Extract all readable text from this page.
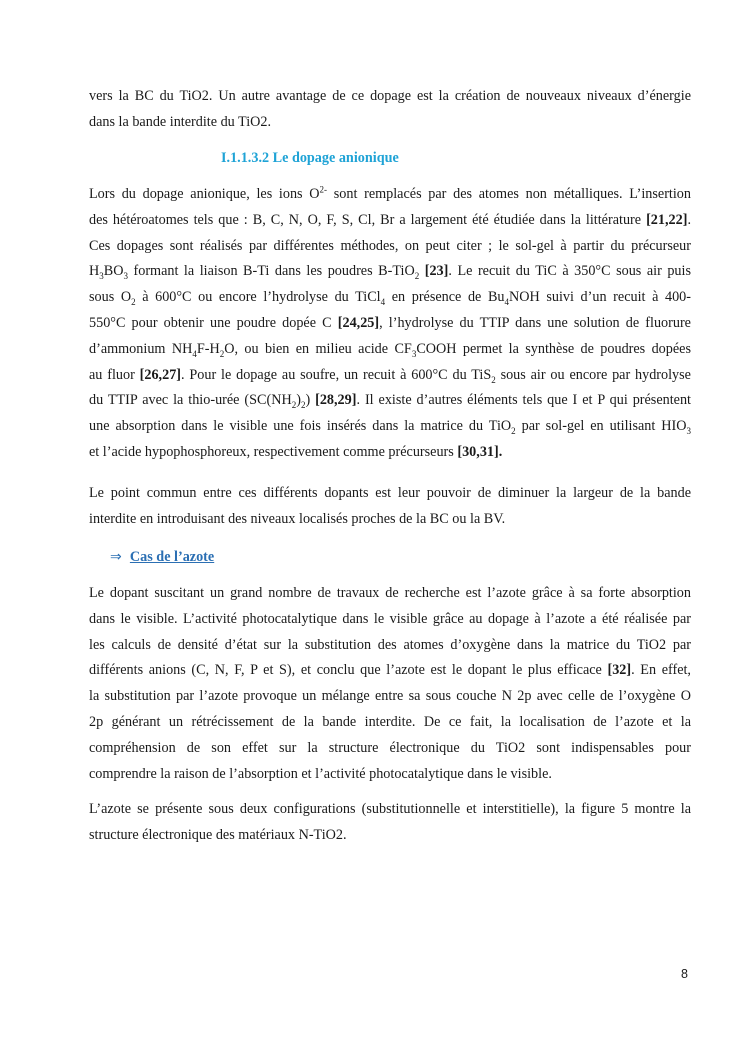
vers la BC du TiO2. Un autre avantage de ce dopage est la création de nouveaux niveaux d’énergie
dans la bande interdite du TiO2.

I.1.1.3.2 Le dopage anionique

Lors du dopage anionique, les ions $O^{2-}$ sont remplacés par des atomes non métalliques. L’insertion
des hétéroatomes tels que : B, C, N, O, F, S, Cl, Br a largement été étudiée dans la littérature [21,22].
Ces dopages sont réalisés par différentes méthodes, on peut citer ; le sol-gel à partir du précurseur
$H_3BO_3$ formant la liaison B-Ti dans les poudres B-TiO$_2$ [23]. Le recuit du TiC à 350°C sous air puis
sous $O_2$ à 600°C ou encore l’hydrolyse du TiCl$_4$ en présence de $Bu_4NOH$ suivi d’un recuit à 400-
550°C pour obtenir une poudre dopée C [24,25], l’hydrolyse du TTIP dans une solution de fluorure
d’ammonium $NH_4F-H_2O$, ou bien en milieu acide $CF_3COOH$ permet la synthèse de poudres dopées
au fluor [26,27]. Pour le dopage au soufre, un recuit à 600°C du TiS$_2$ sous air ou encore par hydrolyse
du TTIP avec la thio-urée $(SC(NH_2)_2)$ [28,29]. Il existe d’autres éléments tels que I et P qui présentent
une absorption dans le visible une fois insérés dans la matrice du TiO$_2$ par sol-gel en utilisant $HIO_3$
et l’acide hypophosphoreux, respectivement comme précurseurs [30,31].
Le point commun entre ces différents dopants est leur pouvoir de diminuer la largeur de la bande
interdite en introduisant des niveaux localisés proches de la BC ou la BV.

⇒ Cas de l’azote

Le dopant suscitant un grand nombre de travaux de recherche est l’azote grâce à sa forte absorption
dans le visible. L’activité photocatalytique dans le visible grâce au dopage à l’azote a été réalisée par
les calculs de densité d’état sur la substitution des atomes d’oxygène dans la matrice du TiO2 par
différents anions (C, N, F, P et S), et conclu que l’azote est le dopant le plus efficace [32]. En effet,
la substitution par l’azote provoque un mélange entre sa sous couche N 2p avec celle de l’oxygène O
2p générant un rétrécissement de la bande interdite. De ce fait, la localisation de l’azote et la
compréhension de son effet sur la structure électronique du TiO2 sont indispensables pour
comprendre la raison de l’absorption et l’activité photocatalytique dans le visible.
L’azote se présente sous deux configurations (substitutionnelle et interstitielle), la figure 5 montre la
structure électronique des matériaux N-TiO2.
8
